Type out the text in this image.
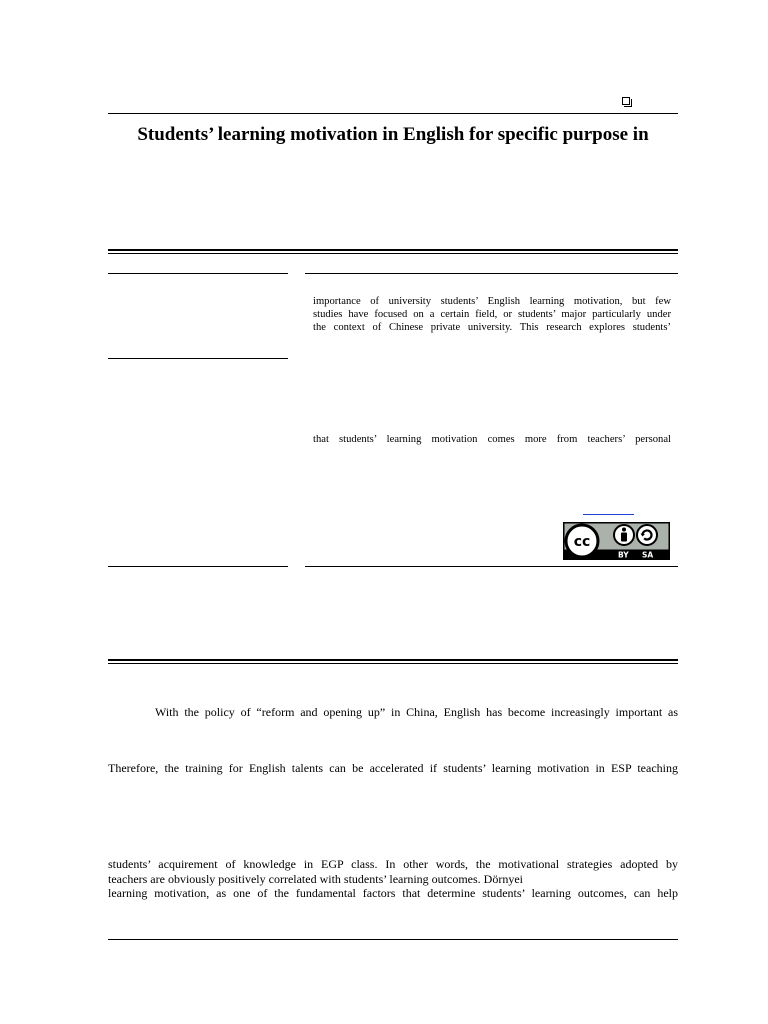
Students’ learning motivation in English for specific purpose in
importance of university students’ English learning motivation, but few
studies have focused on a certain field, or students’ major particularly under
the context of Chinese private university. This research explores students’
that students’ learning motivation comes more from teachers’ personal
cc
BY SA
With the policy of “reform and opening up” in China, English has become increasingly important as
Therefore, the training for English talents can be accelerated if students’ learning motivation in ESP teaching
students’ acquirement of knowledge in EGP class. In other words, the motivational strategies adopted by
teachers are obviously positively correlated with students’ learning outcomes. Dörnyei
learning motivation, as one of the fundamental factors that determine students’ learning outcomes, can help
